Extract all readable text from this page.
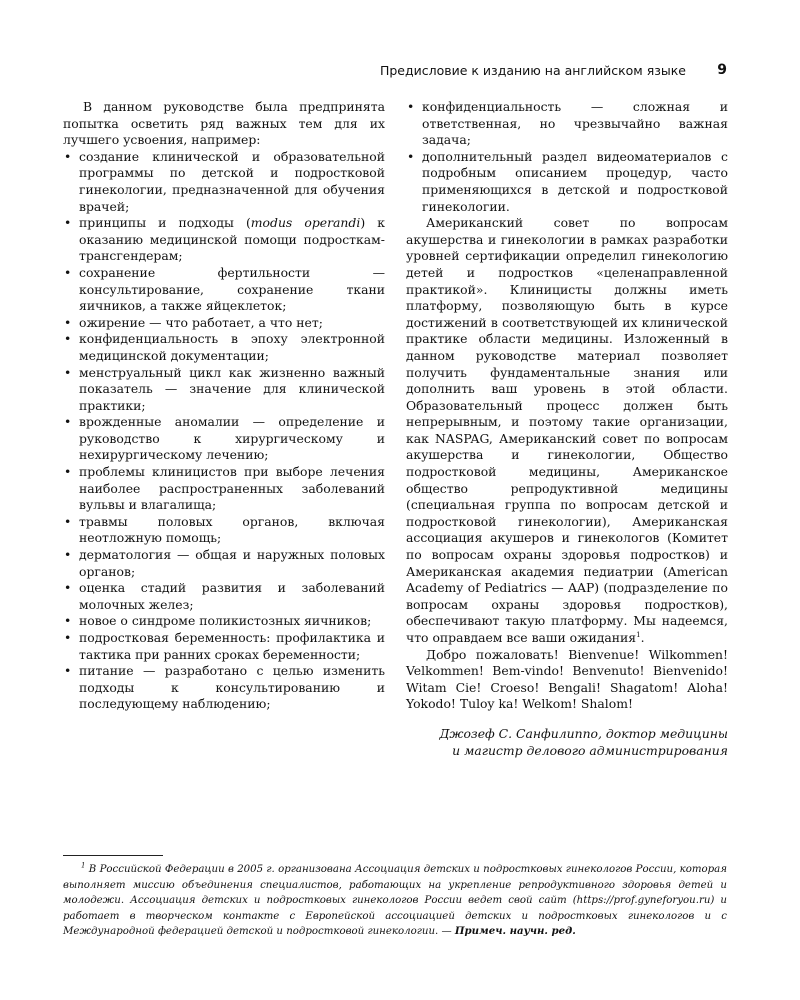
Предисловие к изданию на английском языке 9

В данном руководстве была предпринята попытка осветить ряд важных тем для их лучшего усвоения, например:

• создание клинической и образовательной программы по детской и подростковой гинекологии, предназначенной для обучения врачей;
• принципы и подходы (modus operandi) к оказанию медицинской помощи подросткам-трансгендерам;
• сохранение фертильности — консультирование, сохранение ткани яичников, а также яйцеклеток;
• ожирение — что работает, а что нет;
• конфиденциальность в эпоху электронной медицинской документации;
• менструальный цикл как жизненно важный показатель — значение для клинической практики;
• врожденные аномалии — определение и руководство к хирургическому и нехирургическому лечению;
• проблемы клиницистов при выборе лечения наиболее распространенных заболеваний вульвы и влагалища;
• травмы половых органов, включая неотложную помощь;
• дерматология — общая и наружных половых органов;
• оценка стадий развития и заболеваний молочных желез;
• новое о синдроме поликистозных яичников;
• подростковая беременность: профилактика и тактика при ранних сроках беременности;
• питание — разработано с целью изменить подходы к консультированию и последующему наблюдению;
• конфиденциальность — сложная и ответственная, но чрезвычайно важная задача;
• дополнительный раздел видеоматериалов с подробным описанием процедур, часто применяющихся в детской и подростковой гинекологии.

Американский совет по вопросам акушерства и гинекологии в рамках разработки уровней сертификации определил гинекологию детей и подростков «целенаправленной практикой». Клиницисты должны иметь платформу, позволяющую быть в курсе достижений в соответствующей их клинической практике области медицины. Изложенный в данном руководстве материал позволяет получить фундаментальные знания или дополнить ваш уровень в этой области. Образовательный процесс должен быть непрерывным, и поэтому такие организации, как NASPAG, Американский совет по вопросам акушерства и гинекологии, Общество подростковой медицины, Американское общество репродуктивной медицины (специальная группа по вопросам детской и подростковой гинекологии), Американская ассоциация акушеров и гинекологов (Комитет по вопросам охраны здоровья подростков) и Американская академия педиатрии (American Academy of Pediatrics — AAP) (подразделение по вопросам охраны здоровья подростков), обеспечивают такую платформу. Мы надеемся, что оправдаем все ваши ожидания$^1$.

Добро пожаловать! Bienvenue! Wilkommen! Velkommen! Bem-vindo! Benvenuto! Bienvenido! Witam Cie! Croeso! Bengali! Shagatom! Aloha! Yokodo! Tuloy ka! Welkom! Shalom!

Джозеф С. Санфилиппо, доктор медицины
и магистр делового администрирования
$^1$ В Российской Федерации в 2005 г. организована Ассоциация детских и подростковых гинекологов России, которая выполняет миссию объединения специалистов, работающих на укрепление репродуктивного здоровья детей и молодежи. Ассоциация детских и подростковых гинекологов России ведет свой сайт (https://prof.gyneforyou.ru) и работает в творческом контакте с Европейской ассоциацией детских и подростковых гинекологов и с Международной федерацией детской и подростковой гинекологии. — Примеч. научн. ред.
